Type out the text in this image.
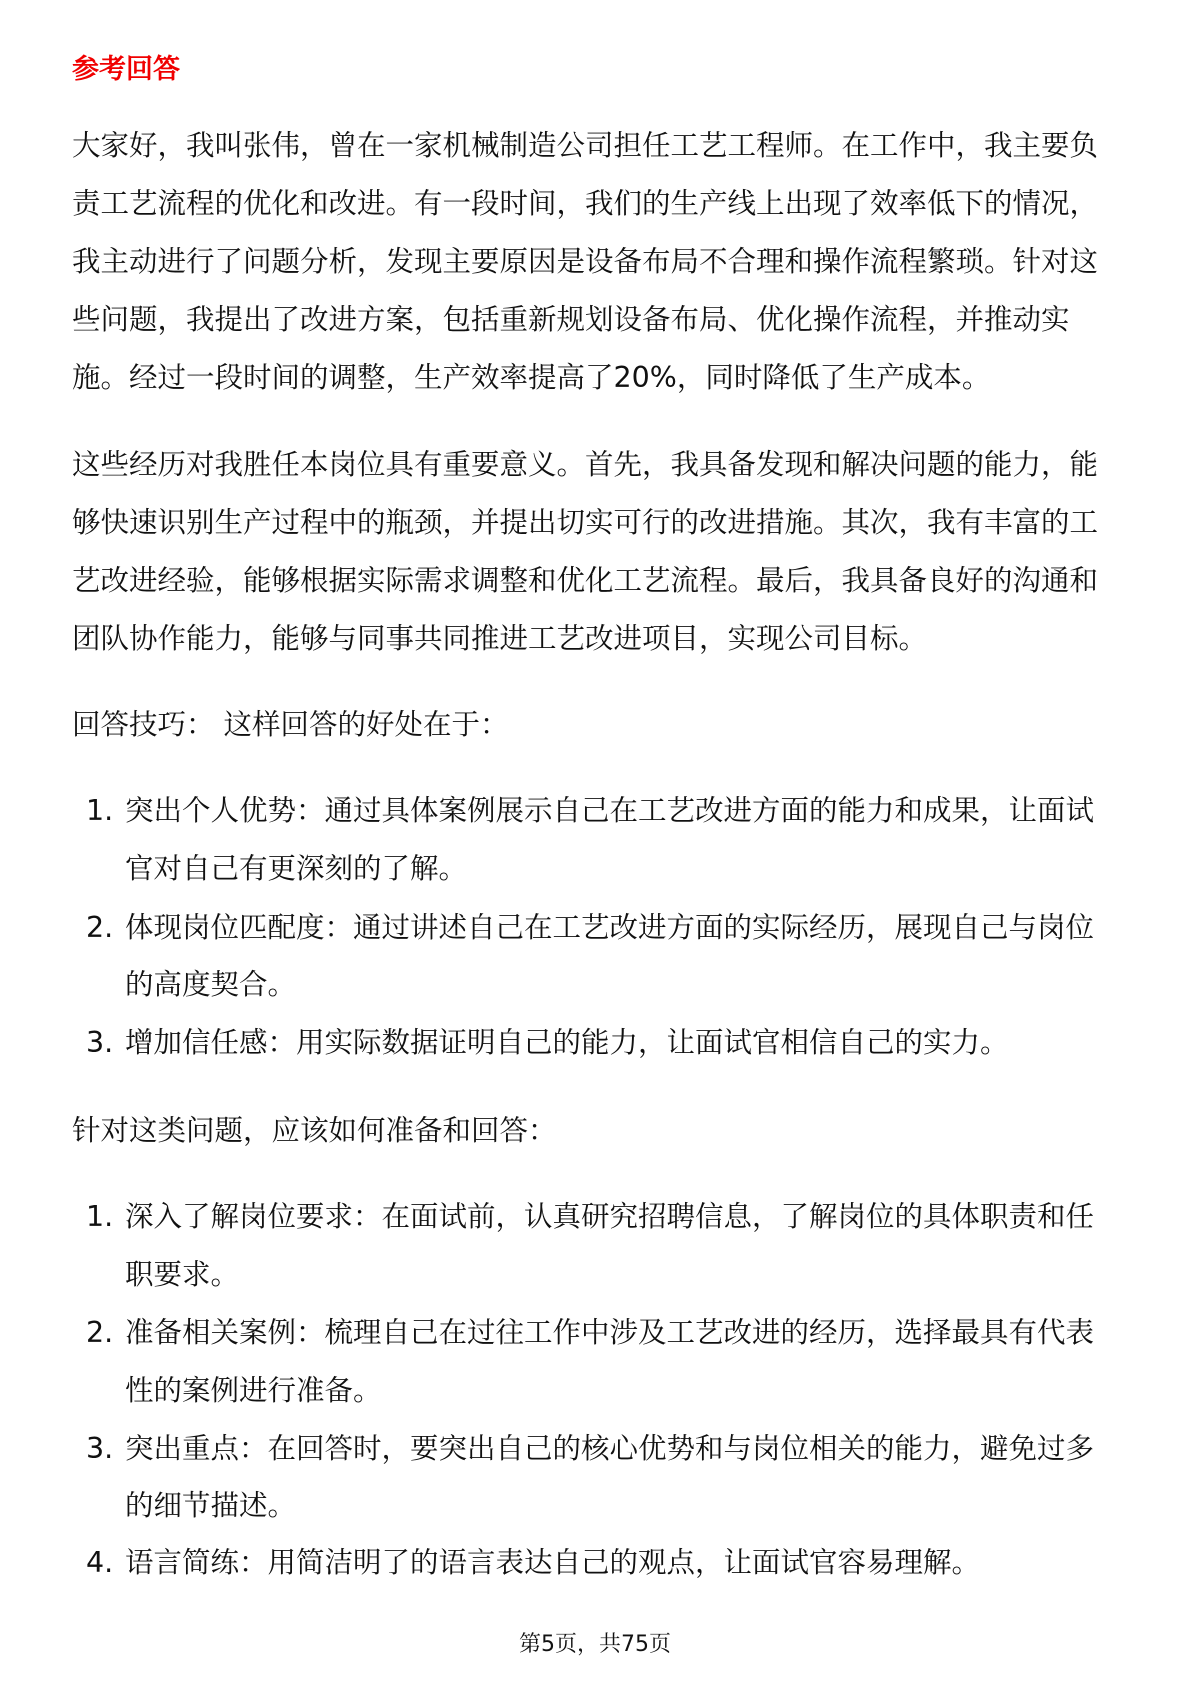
参考回答
大家好，我叫张伟，曾在一家机械制造公司担任工艺工程师。在工作中，我主要负
责工艺流程的优化和改进。有一段时间，我们的生产线上出现了效率低下的情况，
我主动进行了问题分析，发现主要原因是设备布局不合理和操作流程繁琐。针对这
些问题，我提出了改进方案，包括重新规划设备布局、优化操作流程，并推动实
施。经过一段时间的调整，生产效率提高了20%，同时降低了生产成本。
这些经历对我胜任本岗位具有重要意义。首先，我具备发现和解决问题的能力，能
够快速识别生产过程中的瓶颈，并提出切实可行的改进措施。其次，我有丰富的工
艺改进经验，能够根据实际需求调整和优化工艺流程。最后，我具备良好的沟通和
团队协作能力，能够与同事共同推进工艺改进项目，实现公司目标。
回答技巧： 这样回答的好处在于：
1. 突出个人优势：通过具体案例展示自己在工艺改进方面的能力和成果，让面试
官对自己有更深刻的了解。
2. 体现岗位匹配度：通过讲述自己在工艺改进方面的实际经历，展现自己与岗位
的高度契合。
3. 增加信任感：用实际数据证明自己的能力，让面试官相信自己的实力。
针对这类问题，应该如何准备和回答：
1. 深入了解岗位要求：在面试前，认真研究招聘信息，了解岗位的具体职责和任
职要求。
2. 准备相关案例：梳理自己在过往工作中涉及工艺改进的经历，选择最具有代表
性的案例进行准备。
3. 突出重点：在回答时，要突出自己的核心优势和与岗位相关的能力，避免过多
的细节描述。
4. 语言简练：用简洁明了的语言表达自己的观点，让面试官容易理解。
第5页，共75页
